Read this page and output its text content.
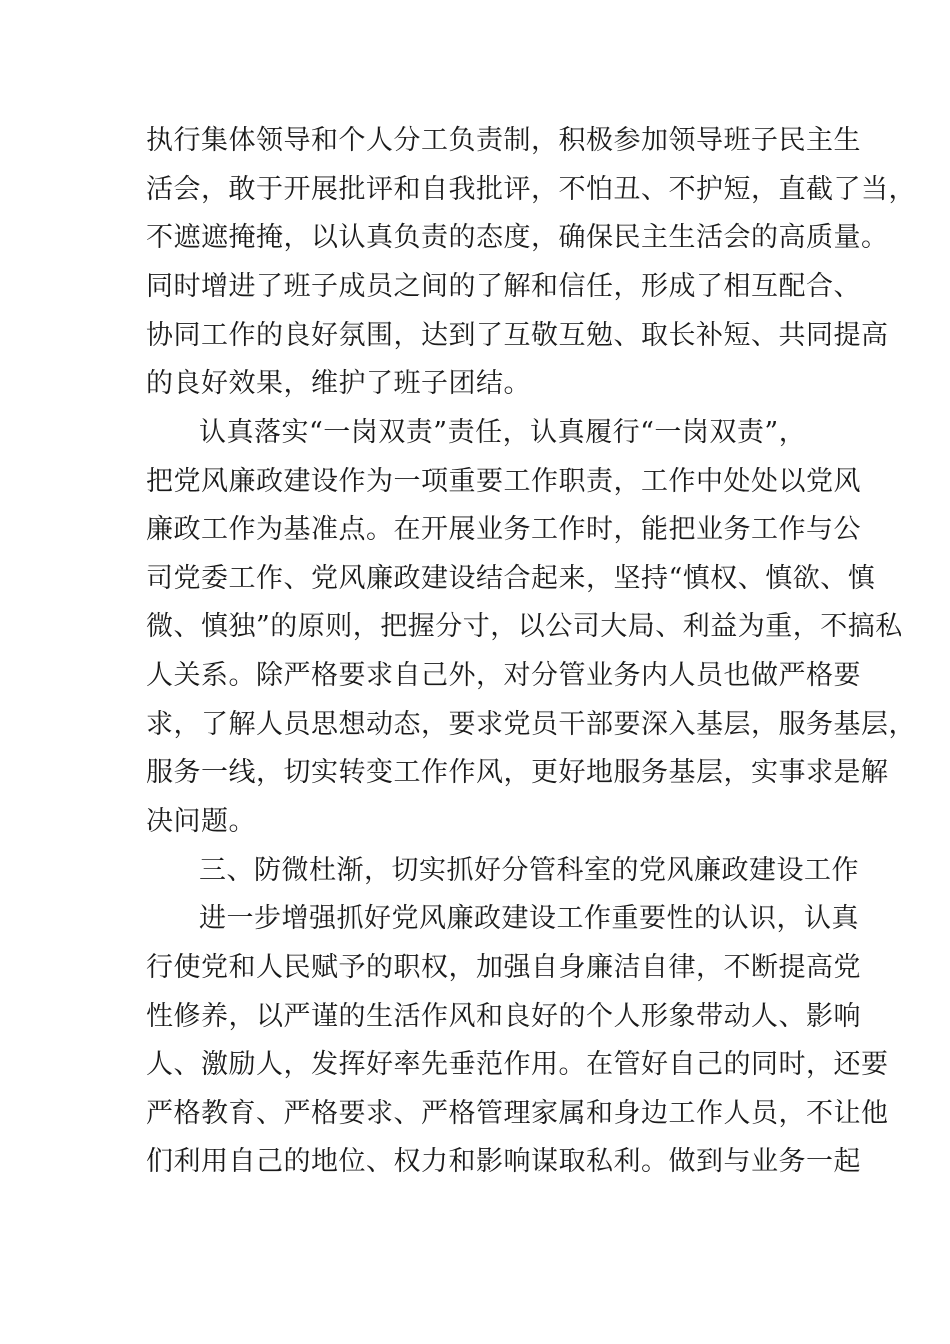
执行集体领导和个人分工负责制，积极参加领导班子民主生
活会，敢于开展批评和自我批评，不怕丑、不护短，直截了当，
不遮遮掩掩，以认真负责的态度，确保民主生活会的高质量。
同时增进了班子成员之间的了解和信任，形成了相互配合、
协同工作的良好氛围，达到了互敬互勉、取长补短、共同提高
的良好效果，维护了班子团结。
认真落实“一岗双责”责任，认真履行“一岗双责”，
把党风廉政建设作为一项重要工作职责，工作中处处以党风
廉政工作为基准点。在开展业务工作时，能把业务工作与公
司党委工作、党风廉政建设结合起来，坚持“慎权、慎欲、慎
微、慎独”的原则，把握分寸，以公司大局、利益为重，不搞私
人关系。除严格要求自己外，对分管业务内人员也做严格要
求，了解人员思想动态，要求党员干部要深入基层，服务基层，
服务一线，切实转变工作作风，更好地服务基层，实事求是解
决问题。
三、防微杜渐，切实抓好分管科室的党风廉政建设工作
进一步增强抓好党风廉政建设工作重要性的认识，认真
行使党和人民赋予的职权，加强自身廉洁自律，不断提高党
性修养，以严谨的生活作风和良好的个人形象带动人、影响
人、激励人，发挥好率先垂范作用。在管好自己的同时，还要
严格教育、严格要求、严格管理家属和身边工作人员，不让他
们利用自己的地位、权力和影响谋取私利。做到与业务一起
